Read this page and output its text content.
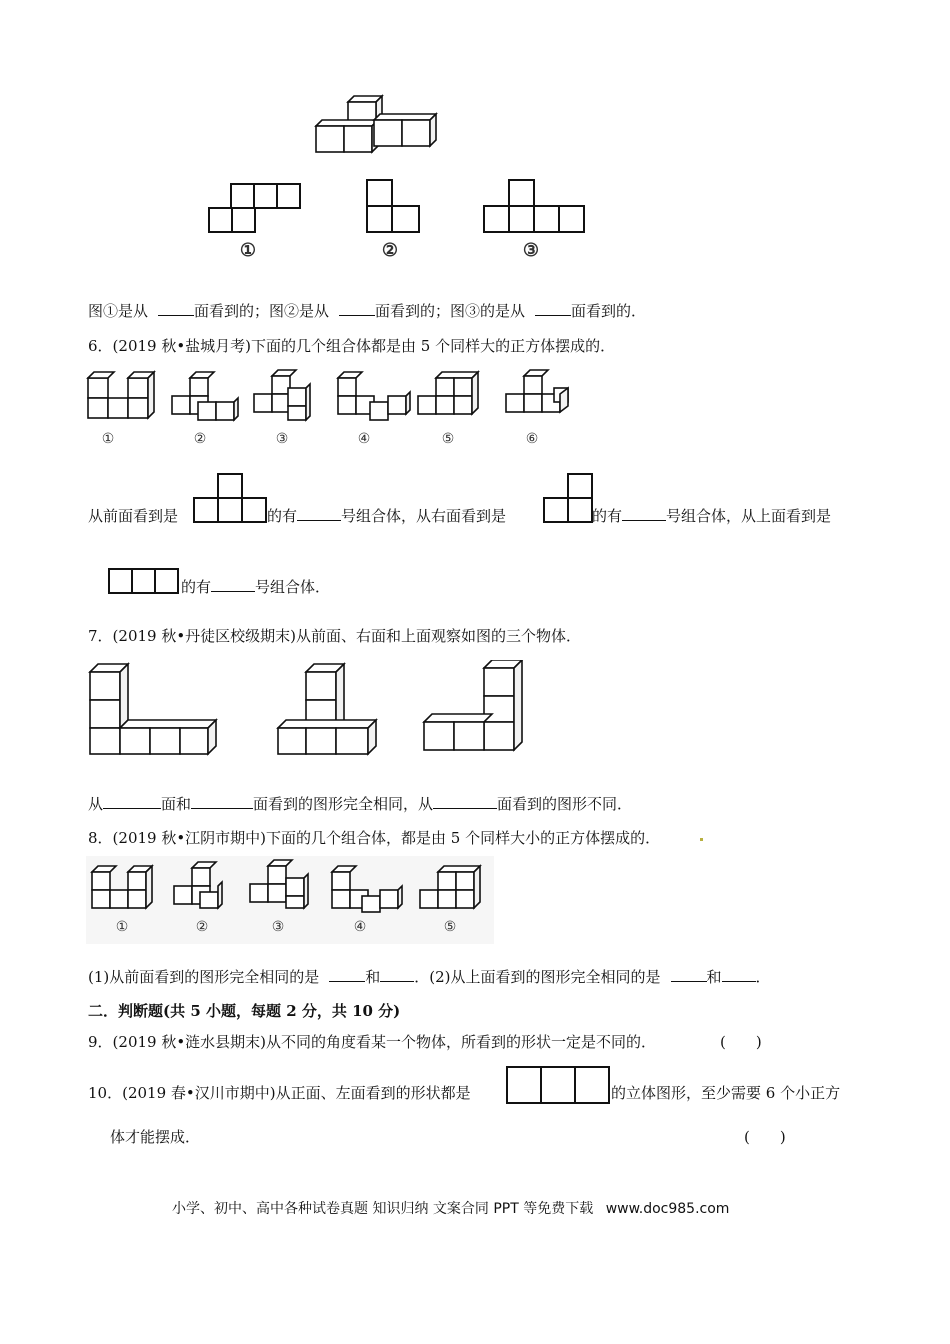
①	②	③
图①是从	面看到的；图②是从	面看到的；图③的是从	面看到的．
6．(2019 秋•盐城月考)下面的几个组合体都是由 5 个同样大的正方体摆成的．
①	②	③	④	⑤	⑥
从前面看到是	的有	号组合体，从右面看到是	的有	号组合体，从上面看到是
的有	号组合体．
7．(2019 秋•丹徒区校级期末)从前面、右面和上面观察如图的三个物体．
从	面和	面看到的图形完全相同，从	面看到的图形不同．
8．(2019 秋•江阴市期中)下面的几个组合体，都是由 5 个同样大小的正方体摆成的．
①	②	③	④	⑤
(1)从前面看到的图形完全相同的是	和 ．(2)从上面看到的图形完全相同的是	和 ．
二．判断题(共 5 小题，每题 2 分，共 10 分)
9．(2019 秋•涟水县期末)从不同的角度看某一个物体，所看到的形状一定是不同的．	(　　)
10．(2019 春•汉川市期中)从正面、左面看到的形状都是	的立体图形，至少需要 6 个小正方
体才能摆成．	(　　)
小学、初中、高中各种试卷真题 知识归纳 文案合同 PPT 等免费下载 www.doc985.com
